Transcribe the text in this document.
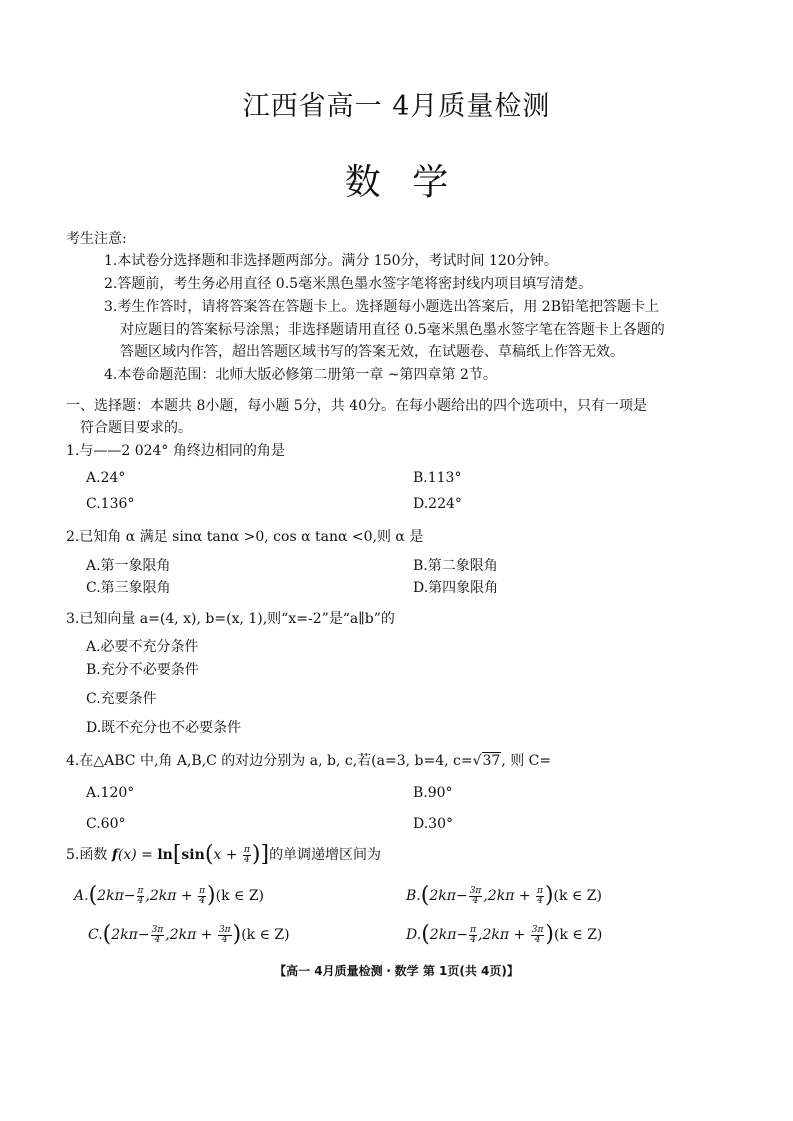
江西省高一 4月质量检测
数 学
考生注意:
1.本试卷分选择题和非选择题两部分。满分 150分，考试时间 120分钟。
2.答题前，考生务必用直径 0.5毫米黑色墨水签字笔将密封线内项目填写清楚。
3.考生作答时，请将答案答在答题卡上。选择题每小题选出答案后，用 2B铅笔把答题卡上
对应题目的答案标号涂黑；非选择题请用直径 0.5毫米黑色墨水签字笔在答题卡上各题的
答题区域内作答，超出答题区域书写的答案无效，在试题卷、草稿纸上作答无效。
4.本卷命题范围：北师大版必修第二册第一章 ~第四章第 2节。
一、选择题：本题共 8小题，每小题 5分，共 40分。在每小题给出的四个选项中，只有一项是
符合题目要求的。
1.与——2 024° 角终边相同的角是
A.24°	B.113°
C.136°	D.224°
2.已知角 α 满足 sinα tanα >0, cos α tanα <0,则 α 是
A.第一象限角	B.第二象限角
C.第三象限角	D.第四象限角
3.已知向量 a=(4, x), b=(x, 1),则“x=-2”是“a∥b”的
A.必要不充分条件
B.充分不必要条件
C.充要条件
D.既不充分也不必要条件
4.在△ABC 中,角 A,B,C 的对边分别为 a, b, c,若(a=3, b=4, c=√37, 则 C=
A.120°	B.90°
C.60°	D.30°
5.函数 $f(x) = \ln[\sin(x + \frac{\pi}{4}$ )]的单调递增区间为
$A.(2k\pi- \frac{\pi}{4} ,2k\pi + \frac{\pi}{4} )(k$ ∈ Z)	$B.(2k\pi- \frac{3\pi}{4} ,2k\pi + \frac{\pi}{4} )(k$ ∈ Z)
$C.(2k\pi- \frac{3\pi}{4} ,2k\pi + \frac{3\pi}{4} )(k$ ∈ Z)	$D.(2k\pi- \frac{\pi}{4} ,2k\pi + \frac{3\pi}{4} )(k$ ∈ Z)
【高一 4月质量检测・数学 第 1页(共 4页)】
